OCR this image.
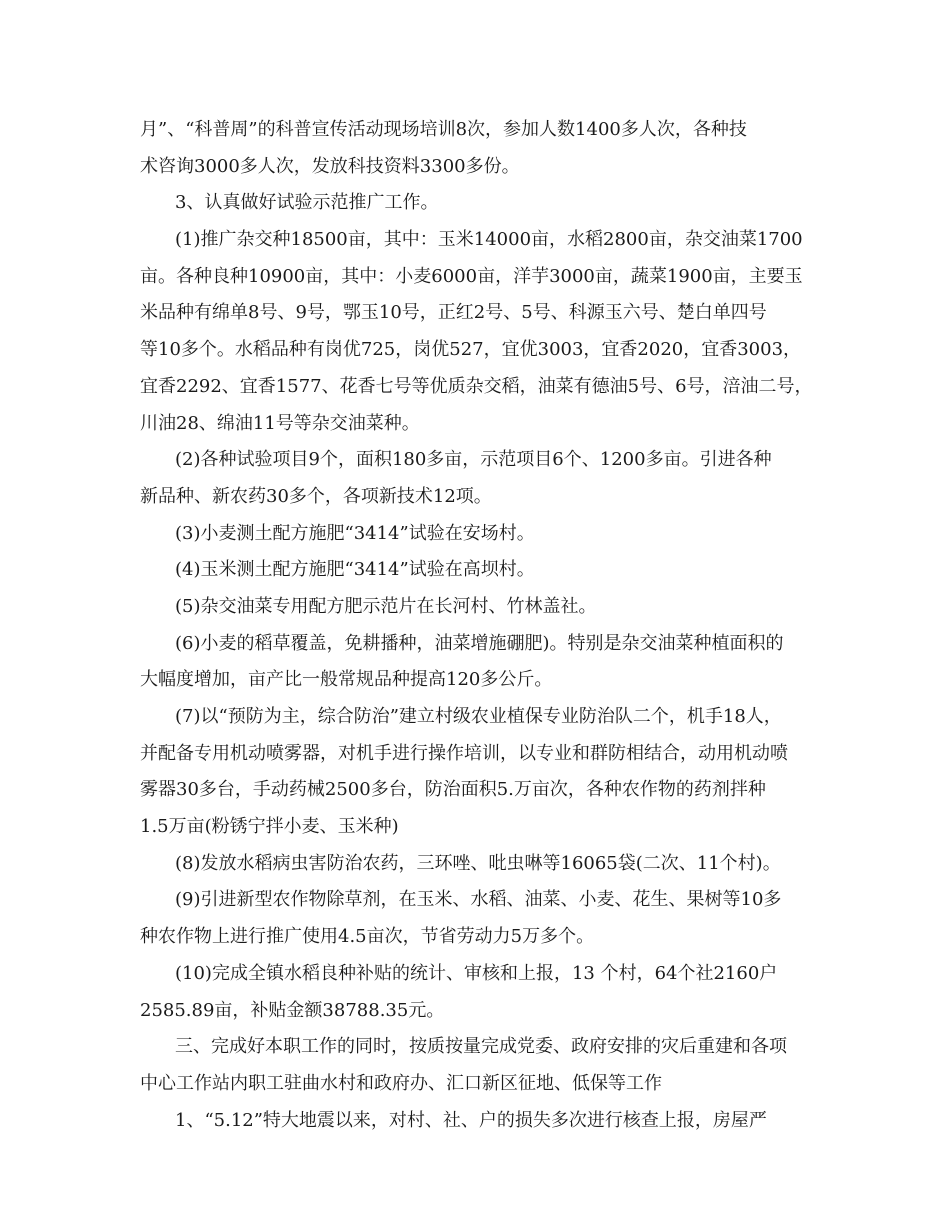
月”、“科普周”的科普宣传活动现场培训8次，参加人数1400多人次，各种技
术咨询3000多人次，发放科技资料3300多份。
3、认真做好试验示范推广工作。
(1)推广杂交种18500亩，其中：玉米14000亩，水稻2800亩，杂交油菜1700
亩。各种良种10900亩，其中：小麦6000亩，洋芋3000亩，蔬菜1900亩，主要玉
米品种有绵单8号、9号，鄂玉10号，正红2号、5号、科源玉六号、楚白单四号
等10多个。水稻品种有岗优725，岗优527，宜优3003，宜香2020，宜香3003，
宜香2292、宜香1577、花香七号等优质杂交稻，油菜有德油5号、6号，涪油二号，
川油28、绵油11号等杂交油菜种。
(2)各种试验项目9个，面积180多亩，示范项目6个、1200多亩。引进各种
新品种、新农药30多个，各项新技术12项。
(3)小麦测土配方施肥“3414”试验在安场村。
(4)玉米测土配方施肥“3414”试验在高坝村。
(5)杂交油菜专用配方肥示范片在长河村、竹林盖社。
(6)小麦的稻草覆盖，免耕播种，油菜增施硼肥)。特别是杂交油菜种植面积的
大幅度增加，亩产比一般常规品种提高120多公斤。
(7)以“预防为主，综合防治”建立村级农业植保专业防治队二个，机手18人，
并配备专用机动喷雾器，对机手进行操作培训，以专业和群防相结合，动用机动喷
雾器30多台，手动药械2500多台，防治面积5.万亩次，各种农作物的药剂拌种
1.5万亩(粉锈宁拌小麦、玉米种)
(8)发放水稻病虫害防治农药，三环唑、吡虫啉等16065袋(二次、11个村)。
(9)引进新型农作物除草剂，在玉米、水稻、油菜、小麦、花生、果树等10多
种农作物上进行推广使用4.5亩次，节省劳动力5万多个。
(10)完成全镇水稻良种补贴的统计、审核和上报，13 个村，64个社2160户
2585.89亩，补贴金额38788.35元。
三、完成好本职工作的同时，按质按量完成党委、政府安排的灾后重建和各项
中心工作站内职工驻曲水村和政府办、汇口新区征地、低保等工作
1、“5.12”特大地震以来，对村、社、户的损失多次进行核查上报，房屋严
